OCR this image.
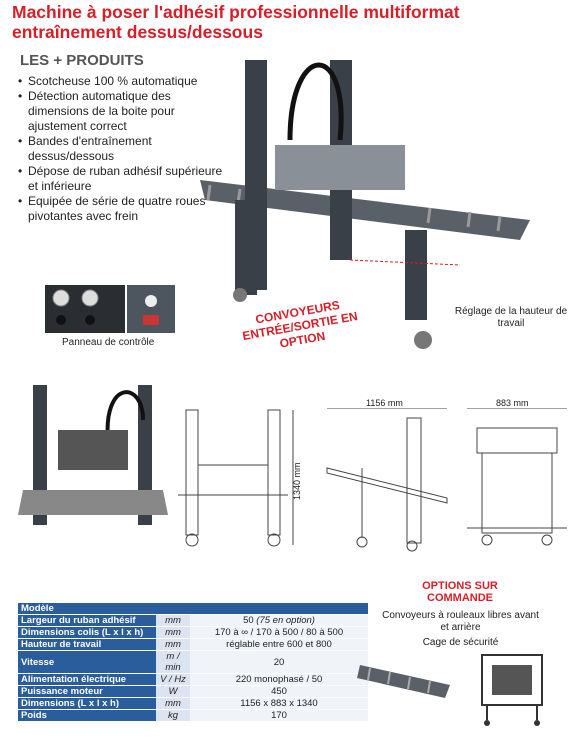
Machine à poser l'adhésif professionnelle multiformat entraînement dessus/dessous
LES + PRODUITS
• Scotcheuse 100 % automatique
• Détection automatique des dimensions de la boite pour ajustement correct
• Bandes d'entraînement dessus/dessous
• Dépose de ruban adhésif supérieure et inférieure
• Equipée de série de quatre roues pivotantes avec frein
Panneau de contrôle
CONVOYEURS ENTRÉE/SORTIE EN OPTION
Réglage de la hauteur de travail
1340 mm
1156 mm	883 mm
Modèle		
Largeur du ruban adhésif	mm	50 (75 en option)
Dimensions colis (L x l x h)	mm	170 à ∞ / 170 à 500 / 80 à 500
Hauteur de travail	mm	réglable entre 600 et 800
Vitesse	m / min	20
Alimentation électrique	V / Hz	220 monophasé / 50
Puissance moteur	W	450
Dimensions (L x l x h)	mm	1156 x 883 x 1340
Poids	kg	170
OPTIONS SUR COMMANDE
Convoyeurs à rouleaux libres avant et arrière
Cage de sécurité
